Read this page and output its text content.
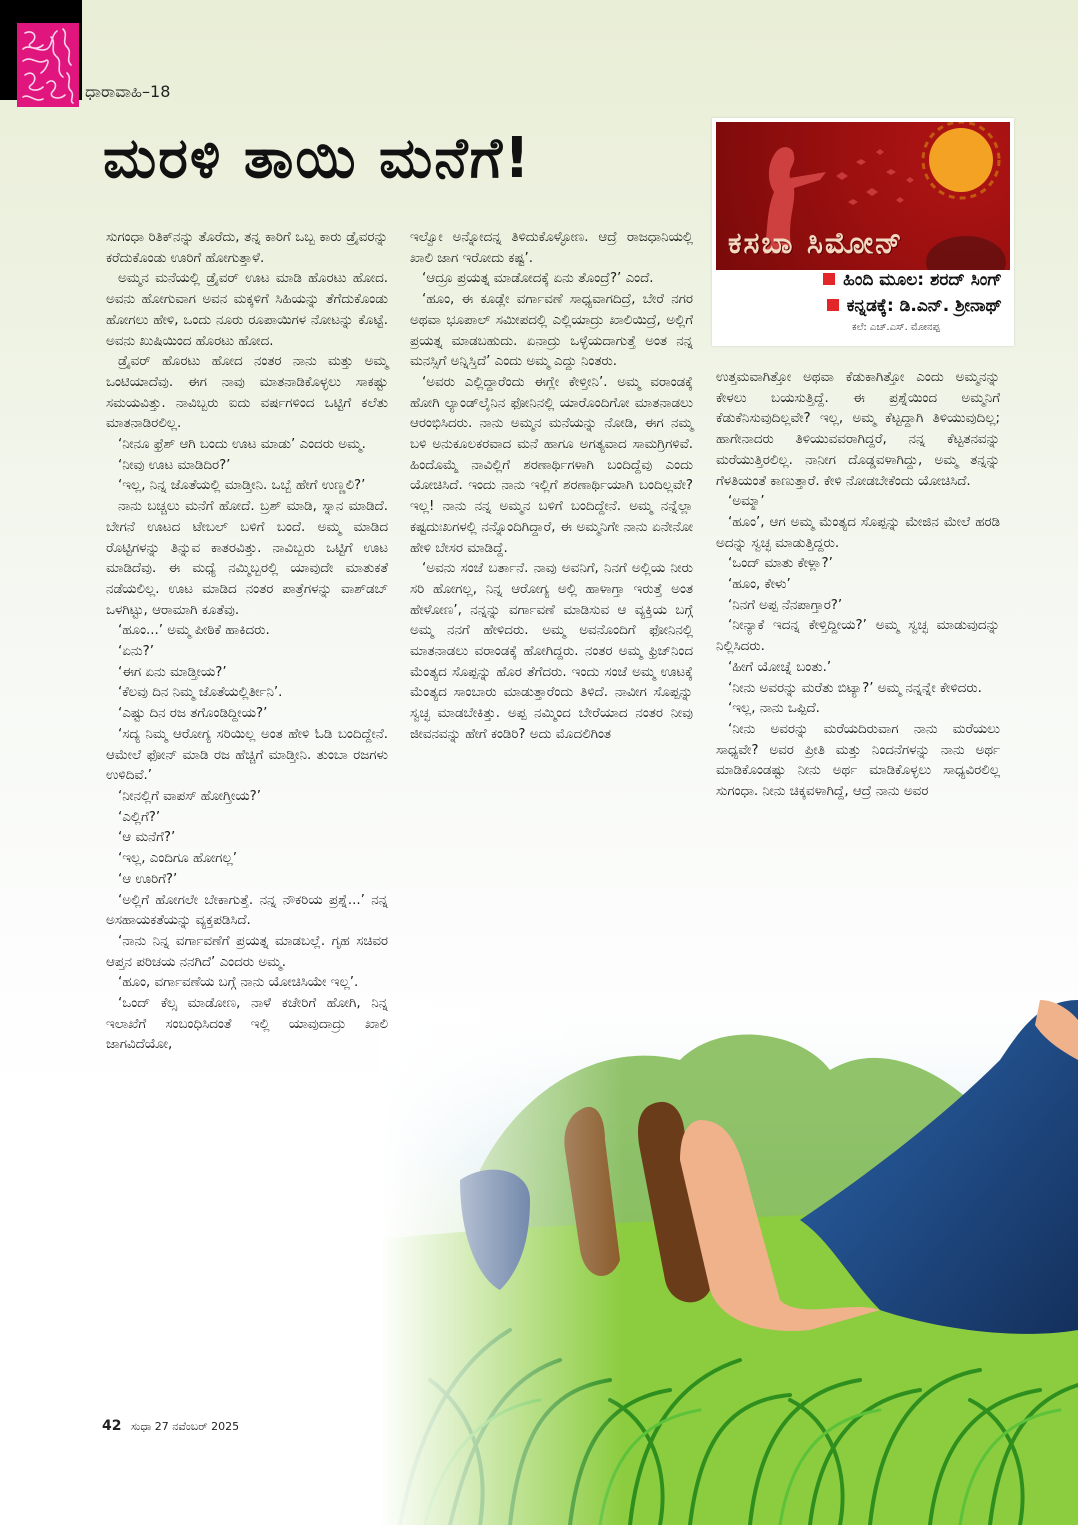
ಧಾರಾವಾಹಿ–18
ಮರಳಿ ತಾಯಿ ಮನೆಗೆ!
ಕಸಬಾ ಸಿಮೋನ್
ಹಿಂದಿ ಮೂಲ: ಶರದ್ ಸಿಂಗ್
ಕನ್ನಡಕ್ಕೆ: ಡಿ.ಎನ್. ಶ್ರೀನಾಥ್
ಕಲೆ: ಎಚ್.ಎಸ್. ಮೋನಪ್ಪ

ಸುಗಂಧಾ ರಿತಿಕ್‌ನನ್ನು ತೊರೆದು, ತನ್ನ ಕಾರಿಗೆ ಒಬ್ಬ ಕಾರು ಡ್ರೈವರನ್ನು ಕರೆದುಕೊಂಡು ಊರಿಗೆ ಹೋಗುತ್ತಾಳೆ.

ಅಮ್ಮನ ಮನೆಯಲ್ಲಿ ಡ್ರೈವರ್ ಊಟ ಮಾಡಿ ಹೊರಟು ಹೋದ. ಅವನು ಹೋಗುವಾಗ ಅವನ ಮಕ್ಕಳಿಗೆ ಸಿಹಿಯನ್ನು ತೆಗೆದುಕೊಂಡು ಹೋಗಲು ಹೇಳಿ, ಒಂದು ನೂರು ರೂಪಾಯಿಗಳ ನೋಟನ್ನು ಕೊಟ್ಟೆ. ಅವನು ಖುಷಿಯಿಂದ ಹೊರಟು ಹೋದ.

ಡ್ರೈವರ್ ಹೊರಟು ಹೋದ ನಂತರ ನಾನು ಮತ್ತು ಅಮ್ಮ ಒಂಟಿಯಾದೆವು. ಈಗ ನಾವು ಮಾತನಾಡಿಕೊಳ್ಳಲು ಸಾಕಷ್ಟು ಸಮಯವಿತ್ತು. ನಾವಿಬ್ಬರು ಐದು ವರ್ಷಗಳಿಂದ ಒಟ್ಟಿಗೆ ಕಲೆತು ಮಾತನಾಡಿರಲಿಲ್ಲ.

‘ನೀನೂ ಫ್ರೆಶ್ ಆಗಿ ಬಂದು ಊಟ ಮಾಡು’ ಎಂದರು ಅಮ್ಮ.

‘ನೀವು ಊಟ ಮಾಡಿದಿರ?’

‘ಇಲ್ಲ, ನಿನ್ನ ಜೊತೆಯಲ್ಲಿ ಮಾಡ್ತೀನಿ. ಒಬ್ಬೆ ಹೇಗೆ ಉಣ್ಣಲಿ?’

ನಾನು ಬಚ್ಚಲು ಮನೆಗೆ ಹೋದೆ. ಬ್ರಶ್ ಮಾಡಿ, ಸ್ನಾನ ಮಾಡಿದೆ. ಬೇಗನೆ ಊಟದ ಟೇಬಲ್ ಬಳಿಗೆ ಬಂದೆ. ಅಮ್ಮ ಮಾಡಿದ ರೊಟ್ಟಿಗಳನ್ನು ತಿನ್ನುವ ಕಾತರವಿತ್ತು. ನಾವಿಬ್ಬರು ಒಟ್ಟಿಗೆ ಊಟ ಮಾಡಿದೆವು. ಈ ಮಧ್ಯೆ ನಮ್ಮಿಬ್ಬರಲ್ಲಿ ಯಾವುದೇ ಮಾತುಕತೆ ನಡೆಯಲಿಲ್ಲ. ಊಟ ಮಾಡಿದ ನಂತರ ಪಾತ್ರೆಗಳನ್ನು ವಾಶ್‌ಡಬ್ ಒಳಗಿಟ್ಟು, ಆರಾಮಾಗಿ ಕೂತೆವು.

‘ಹೂಂ...’ ಅಮ್ಮ ಪೀಠಿಕೆ ಹಾಕಿದರು.

‘ಏನು?’

‘ಈಗ ಏನು ಮಾಡ್ತೀಯ?’

‘ಕೆಲವು ದಿನ ನಿಮ್ಮ ಜೊತೆಯಲ್ಲಿರ್ತೀನಿ’.

‘ಎಷ್ಟು ದಿನ ರಜ ತಗೊಂಡಿದ್ದೀಯ?’

‘ಸದ್ಯ ನಿಮ್ಮ ಆರೋಗ್ಯ ಸರಿಯಿಲ್ಲ ಅಂತ ಹೇಳಿ ಓಡಿ ಬಂದಿದ್ದೇನೆ. ಆಮೇಲೆ ಫೋನ್ ಮಾಡಿ ರಜ ಹೆಚ್ಚಿಗೆ ಮಾಡ್ತೀನಿ. ತುಂಬಾ ರಜಗಳು ಉಳಿದಿವೆ.’

‘ನೀನಲ್ಲಿಗೆ ವಾಪಸ್ ಹೋಗ್ತೀಯ?’

‘ಎಲ್ಲಿಗೆ?’

‘ಆ ಮನೆಗೆ?’

‘ಇಲ್ಲ, ಎಂದಿಗೂ ಹೋಗಲ್ಲ’

‘ಆ ಊರಿಗೆ?’

‘ಅಲ್ಲಿಗೆ ಹೋಗಲೇ ಬೇಕಾಗುತ್ತೆ. ನನ್ನ ನೌಕರಿಯ ಪ್ರಶ್ನೆ...’ ನನ್ನ ಅಸಹಾಯಕತೆಯನ್ನು ವ್ಯಕ್ತಪಡಿಸಿದೆ.

‘ನಾನು ನಿನ್ನ ವರ್ಗಾವಣೆಗೆ ಪ್ರಯತ್ನ ಮಾಡಬಲ್ಲೆ. ಗೃಹ ಸಚಿವರ ಆಪ್ತನ ಪರಿಚಯ ನನಗಿದೆ’ ಎಂದರು ಅಮ್ಮ.

‘ಹೂಂ, ವರ್ಗಾವಣೆಯ ಬಗ್ಗೆ ನಾನು ಯೋಚಿಸಿಯೇ ಇಲ್ಲ’.

‘ಒಂದ್ ಕೆಲ್ಸ ಮಾಡೋಣ, ನಾಳೆ ಕಚೇರಿಗೆ ಹೋಗಿ, ನಿನ್ನ ಇಲಾಖೆಗೆ ಸಂಬಂಧಿಸಿದಂತೆ ಇಲ್ಲಿ ಯಾವುದಾದ್ರು ಖಾಲಿ ಜಾಗವಿದೆಯೋ,

ಇಲ್ವೋ ಅನ್ನೋದನ್ನ ತಿಳಿದುಕೊಳ್ಳೋಣ. ಆದ್ರೆ ರಾಜಧಾನಿಯಲ್ಲಿ ಖಾಲಿ ಜಾಗ ಇರೋದು ಕಷ್ಟ’.

‘ಆದ್ರೂ ಪ್ರಯತ್ನ ಮಾಡೋದಕ್ಕೆ ಏನು ತೊಂದ್ರೆ?’ ಎಂದೆ.

‘ಹೂಂ, ಈ ಕೂಡ್ಲೇ ವರ್ಗಾವಣೆ ಸಾಧ್ಯವಾಗದಿದ್ರೆ, ಬೇರೆ ನಗರ ಅಥವಾ ಭೂಪಾಲ್ ಸಮೀಪದಲ್ಲಿ ಎಲ್ಲಿಯಾದ್ರು ಖಾಲಿಯಿದ್ರೆ, ಅಲ್ಲಿಗೆ ಪ್ರಯತ್ನ ಮಾಡಬಹುದು. ಏನಾದ್ರು ಒಳ್ಳೆಯದಾಗುತ್ತೆ ಅಂತ ನನ್ನ ಮನಸ್ಸಿಗೆ ಅನ್ನಿಸ್ತಿದೆ’ ಎಂದು ಅಮ್ಮ ಎದ್ದು ನಿಂತರು.

‘ಅವರು ಎಲ್ಲಿದ್ದಾರೆಂದು ಈಗ್ಲೇ ಕೇಳ್ತೀನಿ’. ಅಮ್ಮ ವರಾಂಡಕ್ಕೆ ಹೋಗಿ ಲ್ಯಾಂಡ್‌ಲೈನಿನ ಫೋನಿನಲ್ಲಿ ಯಾರೊಂದಿಗೋ ಮಾತನಾಡಲು ಆರಂಭಿಸಿದರು. ನಾನು ಅಮ್ಮನ ಮನೆಯನ್ನು ನೋಡಿ, ಈಗ ನಮ್ಮ ಬಳಿ ಅನುಕೂಲಕರವಾದ ಮನೆ ಹಾಗೂ ಅಗತ್ಯವಾದ ಸಾಮಗ್ರಿಗಳಿವೆ. ಹಿಂದೊಮ್ಮೆ ನಾವಿಲ್ಲಿಗೆ ಶರಣಾರ್ಥಿಗಳಾಗಿ ಬಂದಿದ್ದೆವು ಎಂದು ಯೋಚಿಸಿದೆ. ಇಂದು ನಾನು ಇಲ್ಲಿಗೆ ಶರಣಾರ್ಥಿಯಾಗಿ ಬಂದಿಲ್ಲವೇ? ಇಲ್ಲ! ನಾನು ನನ್ನ ಅಮ್ಮನ ಬಳಿಗೆ ಬಂದಿದ್ದೇನೆ. ಅಮ್ಮ ನನ್ನೆಲ್ಲಾ ಕಷ್ಟದುಃಖಗಳಲ್ಲಿ ನನ್ನೊಂದಿಗಿದ್ದಾರೆ, ಈ ಅಮ್ಮನಿಗೇ ನಾನು ಏನೇನೋ ಹೇಳಿ ಬೇಸರ ಮಾಡಿದ್ದೆ.

‘ಅವನು ಸಂಜೆ ಬರ್ತಾನೆ. ನಾವು ಅವನಿಗೆ, ನಿನಗೆ ಅಲ್ಲಿಯ ನೀರು ಸರಿ ಹೋಗಲ್ಲ, ನಿನ್ನ ಆರೋಗ್ಯ ಅಲ್ಲಿ ಹಾಳಾಗ್ತಾ ಇರುತ್ತೆ ಅಂತ ಹೇಳೋಣ’, ನನ್ನನ್ನು ವರ್ಗಾವಣೆ ಮಾಡಿಸುವ ಆ ವ್ಯಕ್ತಿಯ ಬಗ್ಗೆ ಅಮ್ಮ ನನಗೆ ಹೇಳಿದರು. ಅಮ್ಮ ಅವನೊಂದಿಗೆ ಫೋನಿನಲ್ಲಿ ಮಾತನಾಡಲು ವರಾಂಡಕ್ಕೆ ಹೋಗಿದ್ದರು. ನಂತರ ಅಮ್ಮ ಫ್ರಿಜ್‌ನಿಂದ ಮೆಂತ್ಯದ ಸೊಪ್ಪನ್ನು ಹೊರ ತೆಗೆದರು. ಇಂದು ಸಂಜೆ ಅಮ್ಮ ಊಟಕ್ಕೆ ಮೆಂತ್ಯದ ಸಾಂಬಾರು ಮಾಡುತ್ತಾರೆಂದು ತಿಳಿದೆ. ನಾವೀಗ ಸೊಪ್ಪನ್ನು ಸ್ವಚ್ಛ ಮಾಡಬೇಕಿತ್ತು. ಅಪ್ಪ ನಮ್ಮಿಂದ ಬೇರೆಯಾದ ನಂತರ ನೀವು ಜೀವನವನ್ನು ಹೇಗೆ ಕಂಡಿರಿ? ಅದು ಮೊದಲಿಗಿಂತ

ಉತ್ತಮವಾಗಿತ್ತೋ ಅಥವಾ ಕೆಡುಕಾಗಿತ್ತೋ ಎಂದು ಅಮ್ಮನನ್ನು ಕೇಳಲು ಬಯಸುತ್ತಿದ್ದೆ. ಈ ಪ್ರಶ್ನೆಯಿಂದ ಅಮ್ಮನಿಗೆ ಕೆಡುಕೆನಿಸುವುದಿಲ್ಲವೇ? ಇಲ್ಲ, ಅಮ್ಮ ಕೆಟ್ಟದ್ದಾಗಿ ತಿಳಿಯುವುದಿಲ್ಲ; ಹಾಗೇನಾದರು ತಿಳಿಯುವವರಾಗಿದ್ದರೆ, ನನ್ನ ಕೆಟ್ಟತನವನ್ನು ಮರೆಯುತ್ತಿರಲಿಲ್ಲ. ನಾನೀಗ ದೊಡ್ಡವಳಾಗಿದ್ದು, ಅಮ್ಮ ತನ್ನನ್ನು ಗೆಳತಿಯಂತೆ ಕಾಣುತ್ತಾರೆ. ಕೇಳಿ ನೋಡಬೇಕೆಂದು ಯೋಚಿಸಿದೆ.

‘ಅಮ್ಮಾ’

‘ಹೂಂ’, ಆಗ ಅಮ್ಮ ಮೆಂತ್ಯದ ಸೊಪ್ಪನ್ನು ಮೇಜಿನ ಮೇಲೆ ಹರಡಿ ಅದನ್ನು ಸ್ವಚ್ಛ ಮಾಡುತ್ತಿದ್ದರು.

‘ಒಂದ್ ಮಾತು ಕೇಳ್ಲಾ?’

‘ಹೂಂ, ಕೇಳು’

‘ನಿನಗೆ ಅಪ್ಪ ನೆನಪಾಗ್ತಾರ?’

‘ನೀನ್ಯಾಕೆ ಇದನ್ನ ಕೇಳ್ತಿದ್ದೀಯ?’ ಅಮ್ಮ ಸ್ವಚ್ಛ ಮಾಡುವುದನ್ನು ನಿಲ್ಲಿಸಿದರು.

‘ಹೀಗೆ ಯೋಚ್ನೆ ಬಂತು.’

‘ನೀನು ಅವರನ್ನು ಮರೆತು ಬಿಟ್ಯಾ?’ ಅಮ್ಮ ನನ್ನನ್ನೇ ಕೇಳಿದರು.

‘ಇಲ್ಲ, ನಾನು ಒಪ್ಪಿದೆ.

‘ನೀನು ಅವರನ್ನು ಮರೆಯದಿರುವಾಗ ನಾನು ಮರೆಯಲು ಸಾಧ್ಯವೇ? ಅವರ ಪ್ರೀತಿ ಮತ್ತು ನಿಂದನೆಗಳನ್ನು ನಾನು ಅರ್ಥ ಮಾಡಿಕೊಂಡಷ್ಟು ನೀನು ಅರ್ಥ ಮಾಡಿಕೊಳ್ಳಲು ಸಾಧ್ಯವಿರಲಿಲ್ಲ ಸುಗಂಧಾ. ನೀನು ಚಿಕ್ಕವಳಾಗಿದ್ದೆ, ಆದ್ರೆ ನಾನು ಅವರ

42 ಸುಧಾ 27 ನವೆಂಬರ್ 2025
